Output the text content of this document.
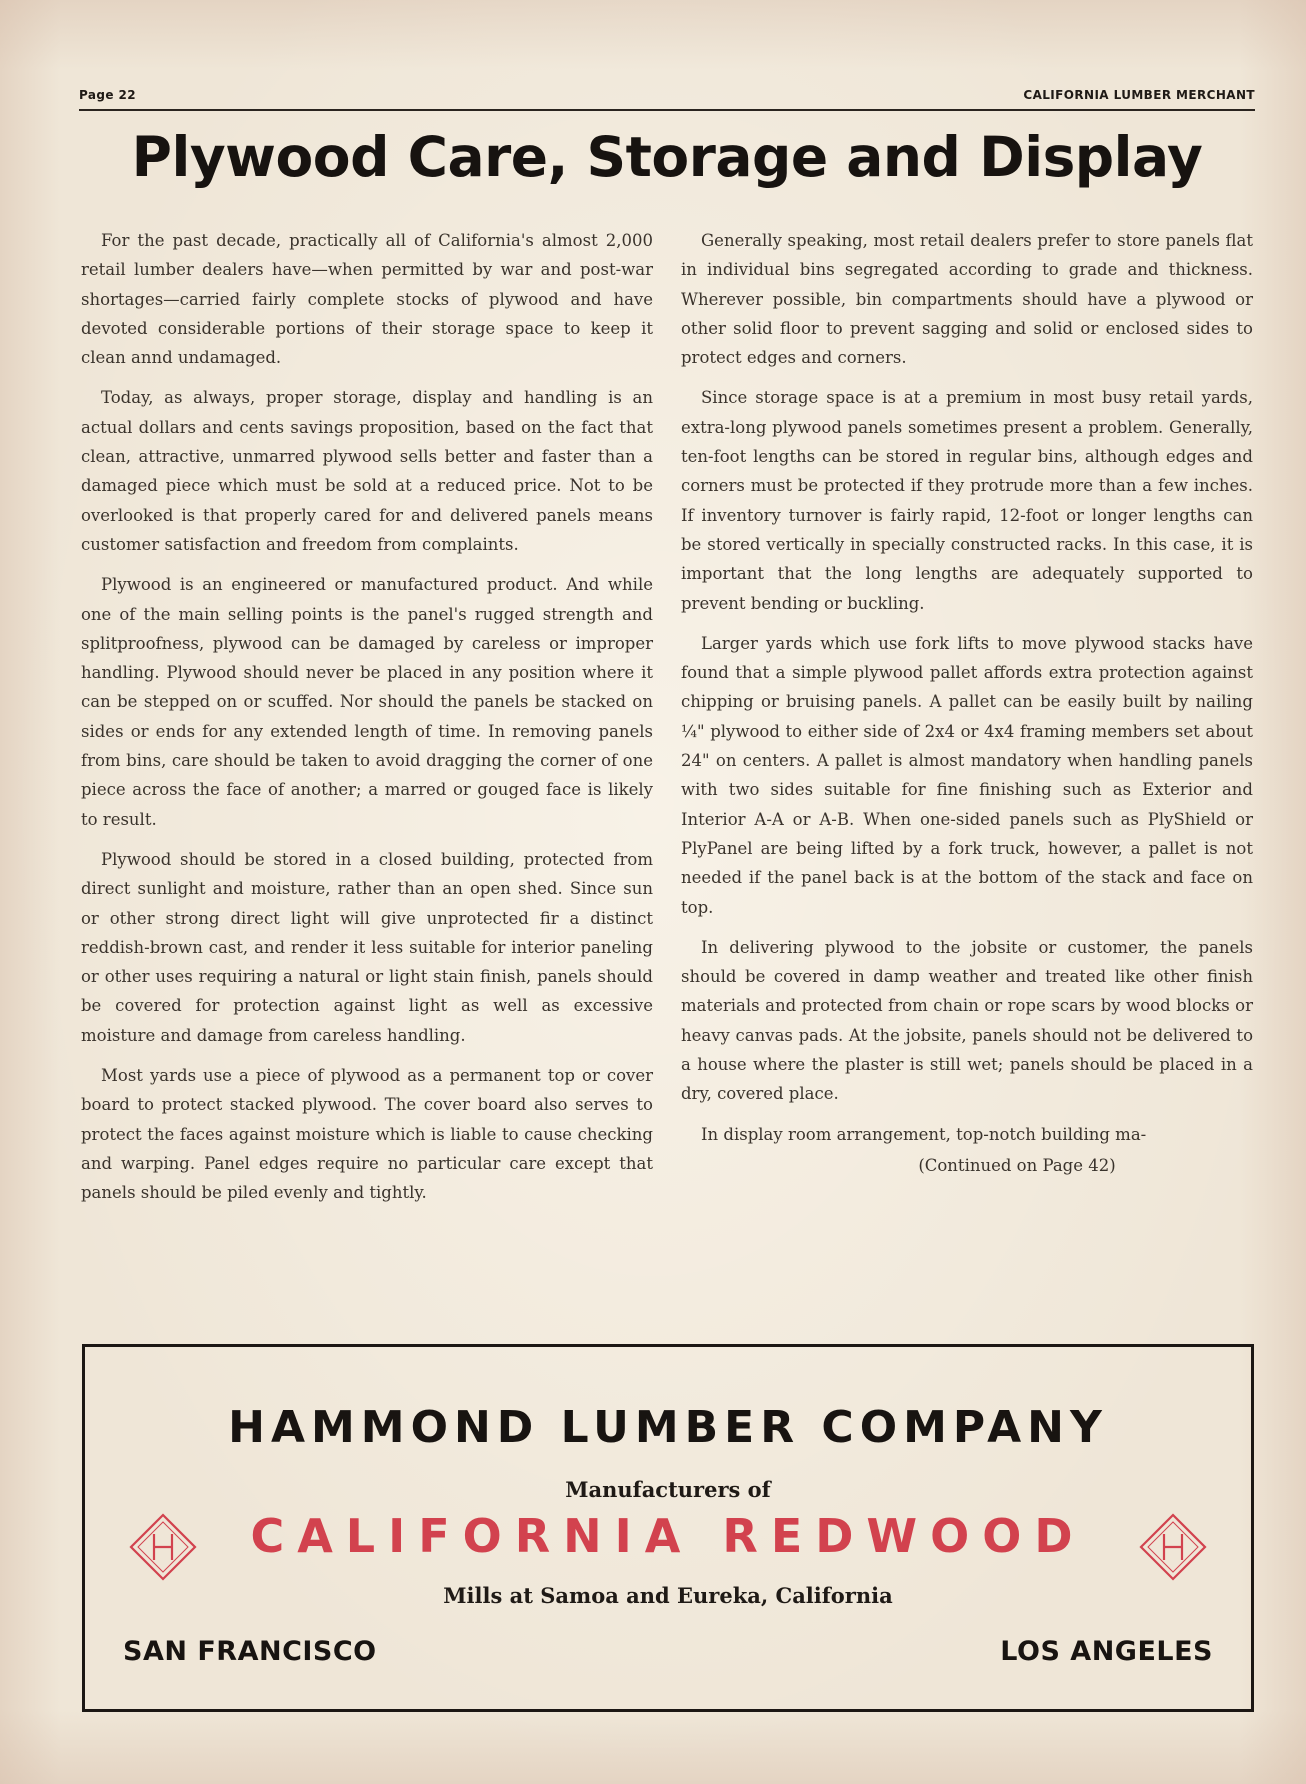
Page 22	CALIFORNIA LUMBER MERCHANT
Plywood Care, Storage and Display

For the past decade, practically all of California's almost 2,000 retail lumber dealers have—when permitted by war and post-war shortages—carried fairly complete stocks of plywood and have devoted considerable portions of their storage space to keep it clean annd undamaged.

Today, as always, proper storage, display and handling is an actual dollars and cents savings proposition, based on the fact that clean, attractive, unmarred plywood sells better and faster than a damaged piece which must be sold at a reduced price. Not to be overlooked is that properly cared for and delivered panels means customer satisfaction and freedom from complaints.

Plywood is an engineered or manufactured product. And while one of the main selling points is the panel's rugged strength and splitproofness, plywood can be damaged by careless or improper handling. Plywood should never be placed in any position where it can be stepped on or scuffed. Nor should the panels be stacked on sides or ends for any extended length of time. In removing panels from bins, care should be taken to avoid dragging the corner of one piece across the face of another; a marred or gouged face is likely to result.

Plywood should be stored in a closed building, protected from direct sunlight and moisture, rather than an open shed. Since sun or other strong direct light will give unprotected fir a distinct reddish-brown cast, and render it less suitable for interior paneling or other uses requiring a natural or light stain finish, panels should be covered for protection against light as well as excessive moisture and damage from careless handling.

Most yards use a piece of plywood as a permanent top or cover board to protect stacked plywood. The cover board also serves to protect the faces against moisture which is liable to cause checking and warping. Panel edges require no particular care except that panels should be piled evenly and tightly.

Generally speaking, most retail dealers prefer to store panels flat in individual bins segregated according to grade and thickness. Wherever possible, bin compartments should have a plywood or other solid floor to prevent sagging and solid or enclosed sides to protect edges and corners.

Since storage space is at a premium in most busy retail yards, extra-long plywood panels sometimes present a problem. Generally, ten-foot lengths can be stored in regular bins, although edges and corners must be protected if they protrude more than a few inches. If inventory turnover is fairly rapid, 12-foot or longer lengths can be stored vertically in specially constructed racks. In this case, it is important that the long lengths are adequately supported to prevent bending or buckling.

Larger yards which use fork lifts to move plywood stacks have found that a simple plywood pallet affords extra protection against chipping or bruising panels. A pallet can be easily built by nailing ¼" plywood to either side of 2x4 or 4x4 framing members set about 24" on centers. A pallet is almost mandatory when handling panels with two sides suitable for fine finishing such as Exterior and Interior A-A or A-B. When one-sided panels such as PlyShield or PlyPanel are being lifted by a fork truck, however, a pallet is not needed if the panel back is at the bottom of the stack and face on top.

In delivering plywood to the jobsite or customer, the panels should be covered in damp weather and treated like other finish materials and protected from chain or rope scars by wood blocks or heavy canvas pads. At the jobsite, panels should not be delivered to a house where the plaster is still wet; panels should be placed in a dry, covered place.

In display room arrangement, top-notch building ma-

(Continued on Page 42)

HAMMOND LUMBER COMPANY
Manufacturers of
CALIFORNIA REDWOOD
Mills at Samoa and Eureka, California
SAN FRANCISCO	LOS ANGELES
